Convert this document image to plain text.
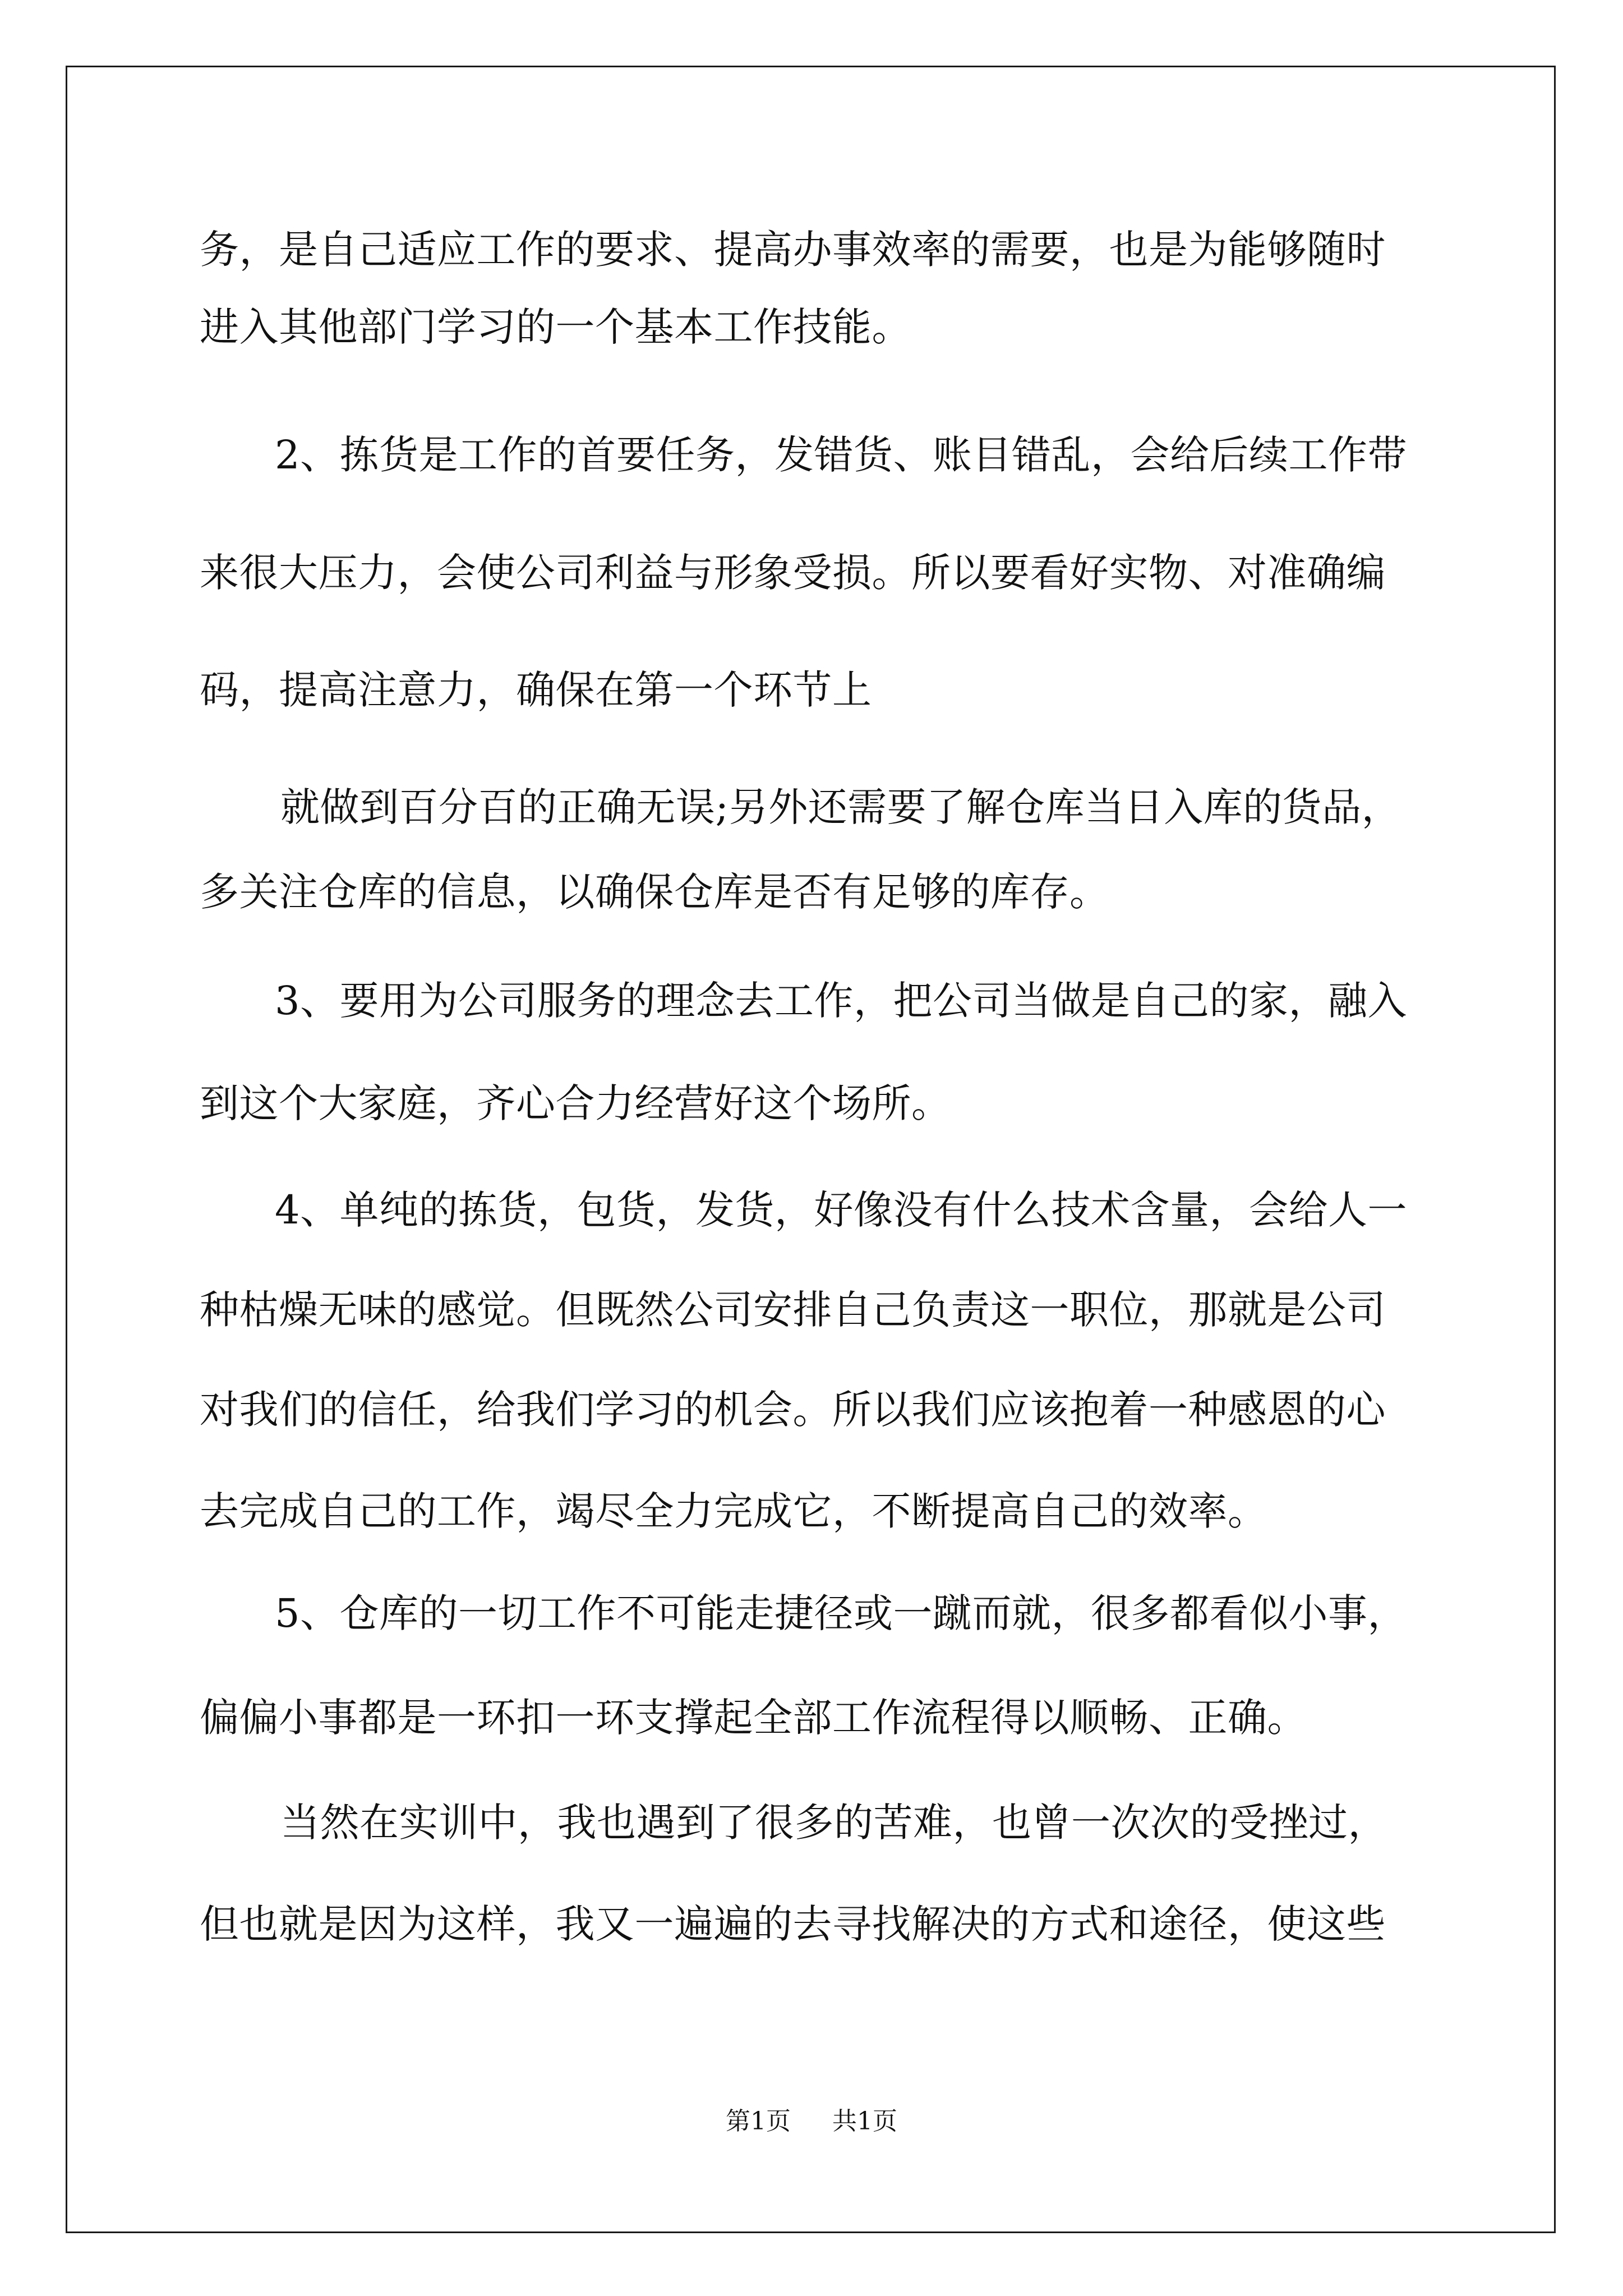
务，是自己适应工作的要求、提高办事效率的需要，也是为能够随时
进入其他部门学习的一个基本工作技能。
2、拣货是工作的首要任务，发错货、账目错乱，会给后续工作带
来很大压力，会使公司利益与形象受损。所以要看好实物、对准确编
码，提高注意力，确保在第一个环节上
就做到百分百的正确无误;另外还需要了解仓库当日入库的货品，
多关注仓库的信息，以确保仓库是否有足够的库存。
3、要用为公司服务的理念去工作，把公司当做是自己的家，融入
到这个大家庭，齐心合力经营好这个场所。
4、单纯的拣货，包货，发货，好像没有什么技术含量，会给人一
种枯燥无味的感觉。但既然公司安排自己负责这一职位，那就是公司
对我们的信任，给我们学习的机会。所以我们应该抱着一种感恩的心
去完成自己的工作，竭尽全力完成它，不断提高自己的效率。
5、仓库的一切工作不可能走捷径或一蹴而就，很多都看似小事，
偏偏小事都是一环扣一环支撑起全部工作流程得以顺畅、正确。
当然在实训中，我也遇到了很多的苦难，也曾一次次的受挫过，
但也就是因为这样，我又一遍遍的去寻找解决的方式和途径，使这些
第1页 共1页
